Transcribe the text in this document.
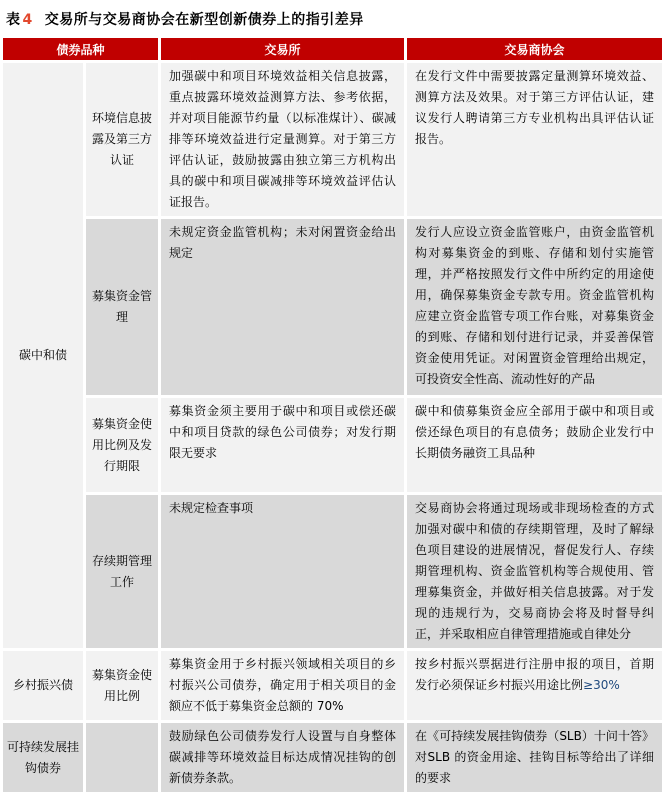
表 4 交易所与交易商协会在新型创新债券上的指引差异
债券品种		交易所	交易商协会
碳中和债	环境信息披露及第三方认证	加强碳中和项目环境效益相关信息披露，重点披露环境效益测算方法、参考依据，并对项目能源节约量（以标准煤计）、碳减排等环境效益进行定量测算。对于第三方评估认证，鼓励披露由独立第三方机构出具的碳中和项目碳减排等环境效益评估认证报告。	在发行文件中需要披露定量测算环境效益、测算方法及效果。对于第三方评估认证，建议发行人聘请第三方专业机构出具评估认证报告。
	募集资金管理	未规定资金监管机构；未对闲置资金给出规定	发行人应设立资金监管账户，由资金监管机构对募集资金的到账、存储和划付实施管理，并严格按照发行文件中所约定的用途使用，确保募集资金专款专用。资金监管机构应建立资金监管专项工作台账，对募集资金的到账、存储和划付进行记录，并妥善保管资金使用凭证。对闲置资金管理给出规定，可投资安全性高、流动性好的产品
	募集资金使用比例及发行期限	募集资金须主要用于碳中和项目或偿还碳中和项目贷款的绿色公司债券；对发行期限无要求	碳中和债募集资金应全部用于碳中和项目或偿还绿色项目的有息债务；鼓励企业发行中长期债务融资工具品种
	存续期管理工作	未规定检查事项	交易商协会将通过现场或非现场检查的方式加强对碳中和债的存续期管理，及时了解绿色项目建设的进展情况，督促发行人、存续期管理机构、资金监管机构等合规使用、管理募集资金，并做好相关信息披露。对于发现的违规行为，交易商协会将及时督导纠正，并采取相应自律管理措施或自律处分
乡村振兴债	募集资金使用比例	募集资金用于乡村振兴领域相关项目的乡村振兴公司债券，确定用于相关项目的金额应不低于募集资金总额的 70%	按乡村振兴票据进行注册申报的项目，首期发行必须保证乡村振兴用途比例≥30%
可持续发展挂钩债券		鼓励绿色公司债券发行人设置与自身整体碳减排等环境效益目标达成情况挂钩的创新债券条款。	在《可持续发展挂钩债券（SLB）十问十答》对SLB 的资金用途、挂钩目标等给出了详细的要求
